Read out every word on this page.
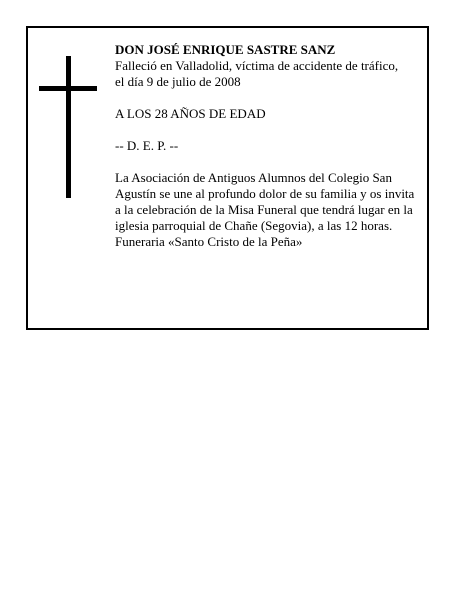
DON JOSÉ ENRIQUE SASTRE SANZ

Falleció en Valladolid, víctima de accidente de tráfico,

el día 9 de julio de 2008

A LOS 28 AÑOS DE EDAD

-- D. E. P. --

La Asociación de Antiguos Alumnos del Colegio San Agustín se une al profundo dolor de su familia y os invita a la celebración de la Misa Funeral que tendrá lugar en la iglesia parroquial de Chañe (Segovia), a las 12 horas.

Funeraria «Santo Cristo de la Peña»
